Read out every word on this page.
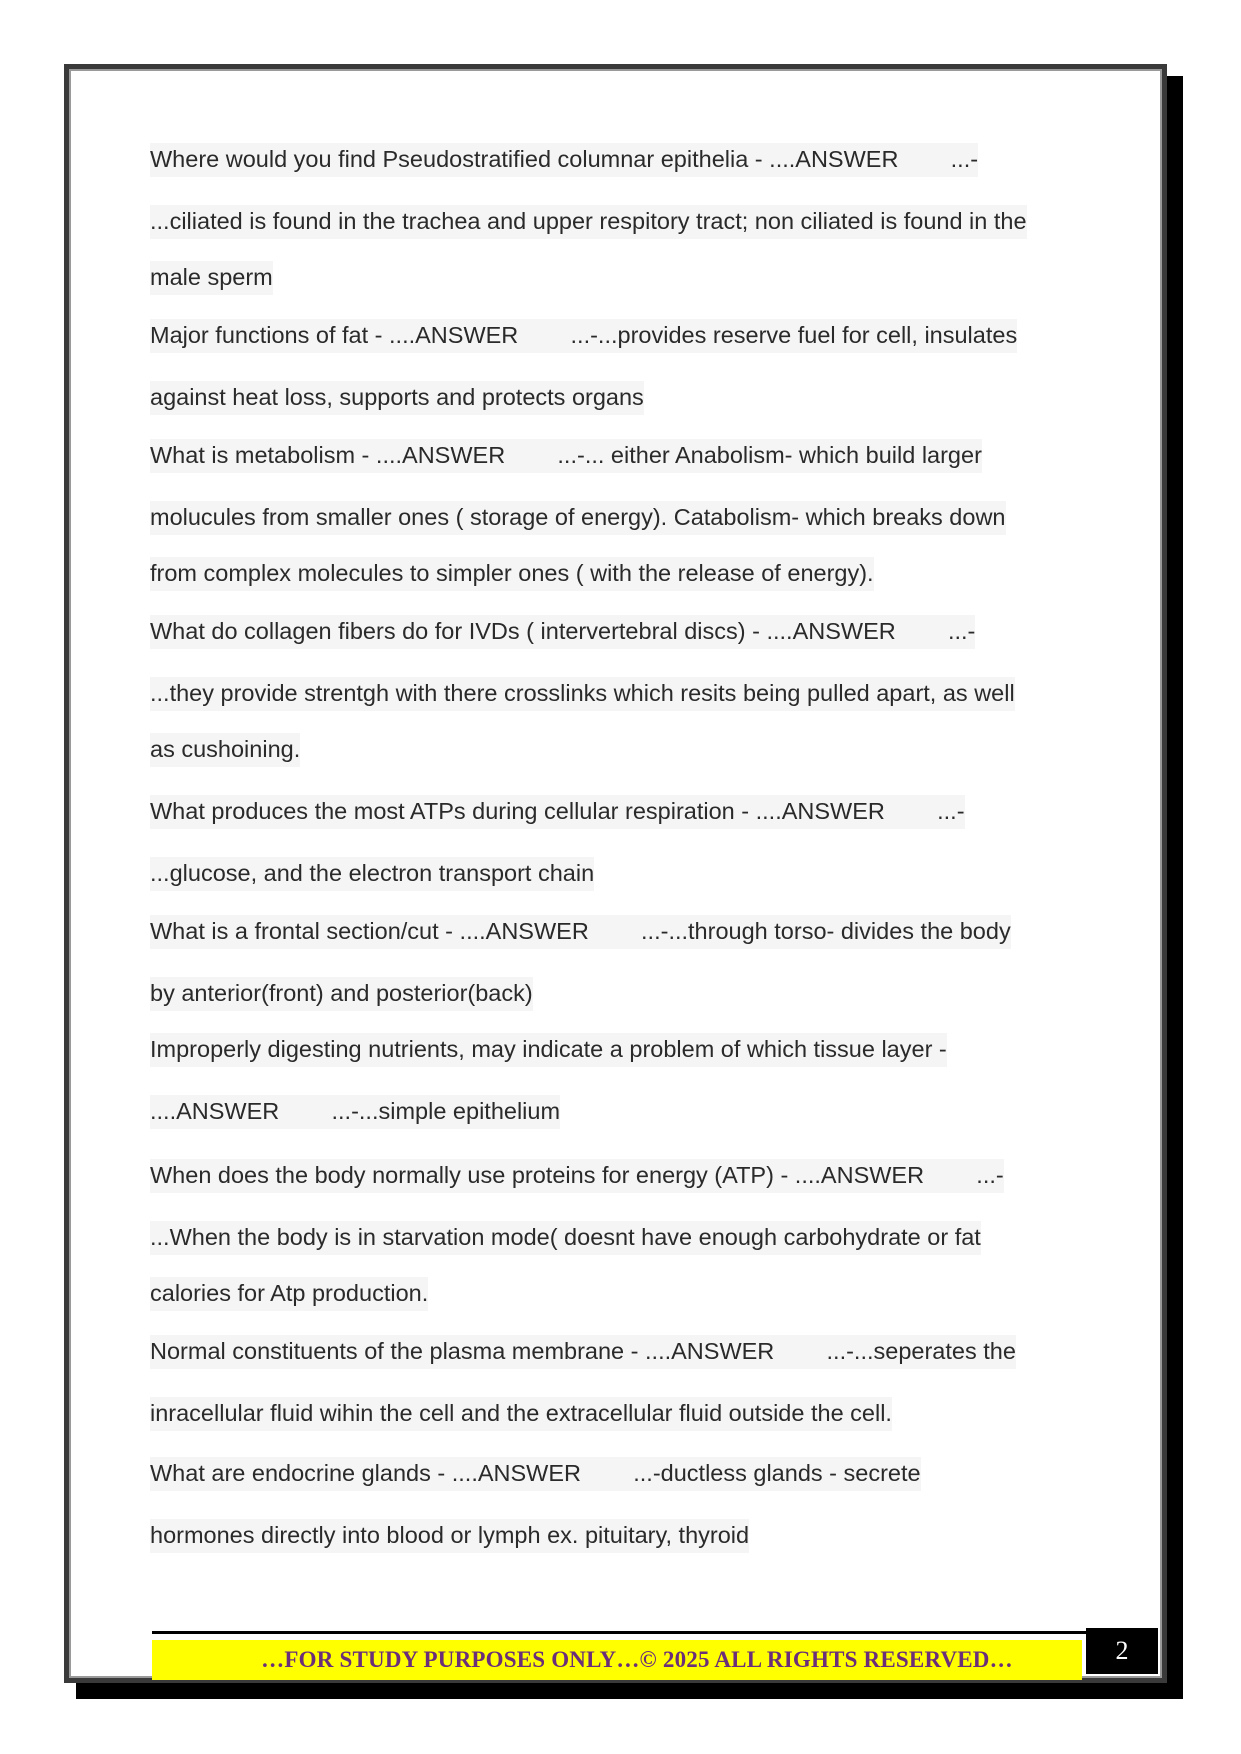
Where would you find Pseudostratified columnar epithelia - ....ANSWER        ...-
...ciliated is found in the trachea and upper respitory tract; non ciliated is found in the
male sperm
Major functions of fat - ....ANSWER        ...-...provides reserve fuel for cell, insulates
against heat loss, supports and protects organs
What is metabolism - ....ANSWER        ...-... either Anabolism- which build larger
molucules from smaller ones ( storage of energy). Catabolism- which breaks down
from complex molecules to simpler ones ( with the release of energy).
What do collagen fibers do for IVDs ( intervertebral discs) - ....ANSWER        ...-
...they provide strentgh with there crosslinks which resits being pulled apart, as well
as cushoining.
What produces the most ATPs during cellular respiration - ....ANSWER        ...-
...glucose, and the electron transport chain
What is a frontal section/cut - ....ANSWER        ...-...through torso- divides the body
by anterior(front) and posterior(back)
Improperly digesting nutrients, may indicate a problem of which tissue layer -
....ANSWER        ...-...simple epithelium
When does the body normally use proteins for energy (ATP) - ....ANSWER        ...-
...When the body is in starvation mode( doesnt have enough carbohydrate or fat
calories for Atp production.
Normal constituents of the plasma membrane - ....ANSWER        ...-...seperates the
inracellular fluid wihin the cell and the extracellular fluid outside the cell.
What are endocrine glands - ....ANSWER        ...-ductless glands - secrete
hormones directly into blood or lymph ex. pituitary, thyroid
…FOR STUDY PURPOSES ONLY…© 2025 ALL RIGHTS RESERVED…	2
